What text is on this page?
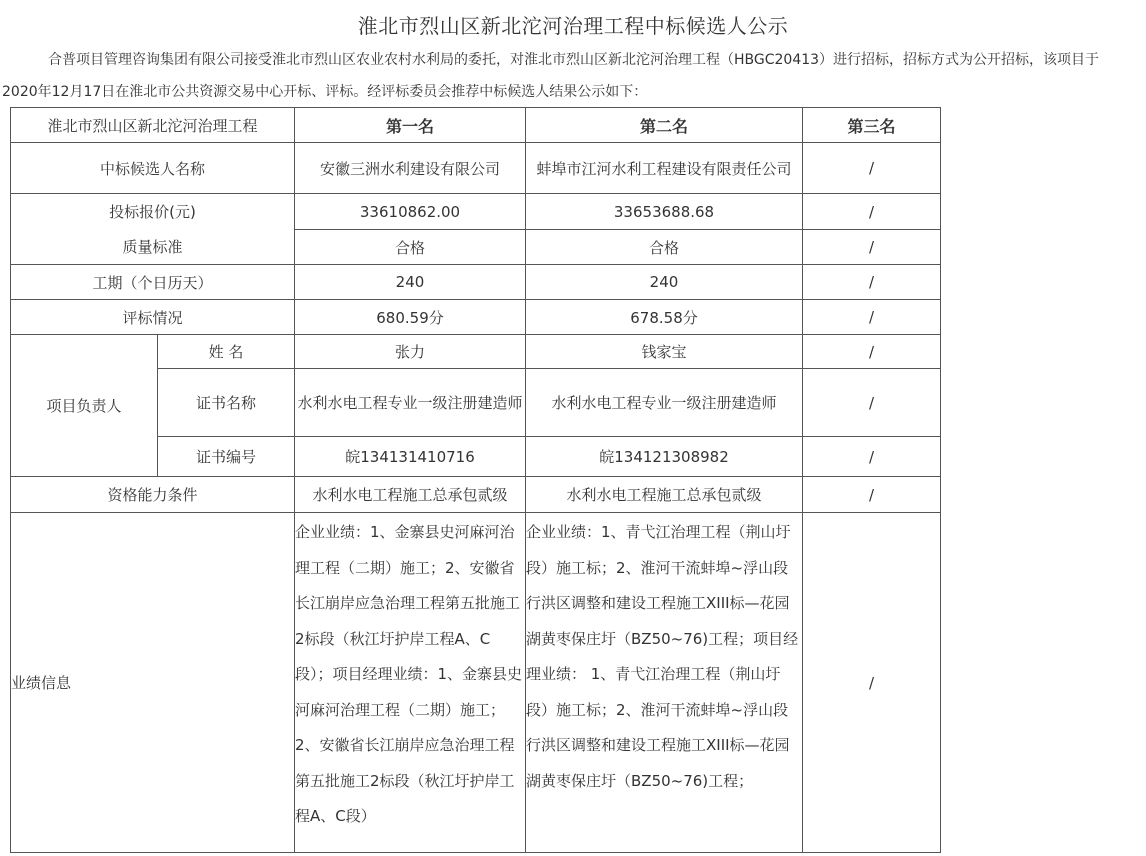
淮北市烈山区新北沱河治理工程中标候选人公示
合普项目管理咨询集团有限公司接受淮北市烈山区农业农村水利局的委托，对淮北市烈山区新北沱河治理工程（HBGC20413）进行招标，招标方式为公开招标，该项目于2020年12月17日在淮北市公共资源交易中心开标、评标。经评标委员会推荐中标候选人结果公示如下：
淮北市烈山区新北沱河治理工程		第一名	第二名	第三名
中标候选人名称		安徽三洲水利建设有限公司	蚌埠市江河水利工程建设有限责任公司	/
投标报价(元)		33610862.00	33653688.68	/
质量标准		合格	合格	/
工期（个日历天）		240	240	/
评标情况		680.59分	678.58分	/
项目负责人	姓 名	张力	钱家宝	/
	证书名称	水利水电工程专业一级注册建造师	水利水电工程专业一级注册建造师	/
	证书编号	皖134131410716	皖134121308982	/
资格能力条件		水利水电工程施工总承包贰级	水利水电工程施工总承包贰级	/
业绩信息		企业业绩：1、金寨县史河麻河治理工程（二期）施工；2、安徽省长江崩岸应急治理工程第五批施工2标段（秋江圩护岸工程A、C段）；项目经理业绩：1、金寨县史河麻河治理工程（二期）施工；2、安徽省长江崩岸应急治理工程第五批施工2标段（秋江圩护岸工程A、C段）	企业业绩：1、青弋江治理工程（荆山圩段）施工标；2、淮河干流蚌埠~浮山段行洪区调整和建设工程施工XIII标—花园湖黄枣保庄圩（BZ50~76)工程；项目经理业绩： 1、青弋江治理工程（荆山圩段）施工标；2、淮河干流蚌埠~浮山段行洪区调整和建设工程施工XIII标—花园湖黄枣保庄圩（BZ50~76)工程；	/
